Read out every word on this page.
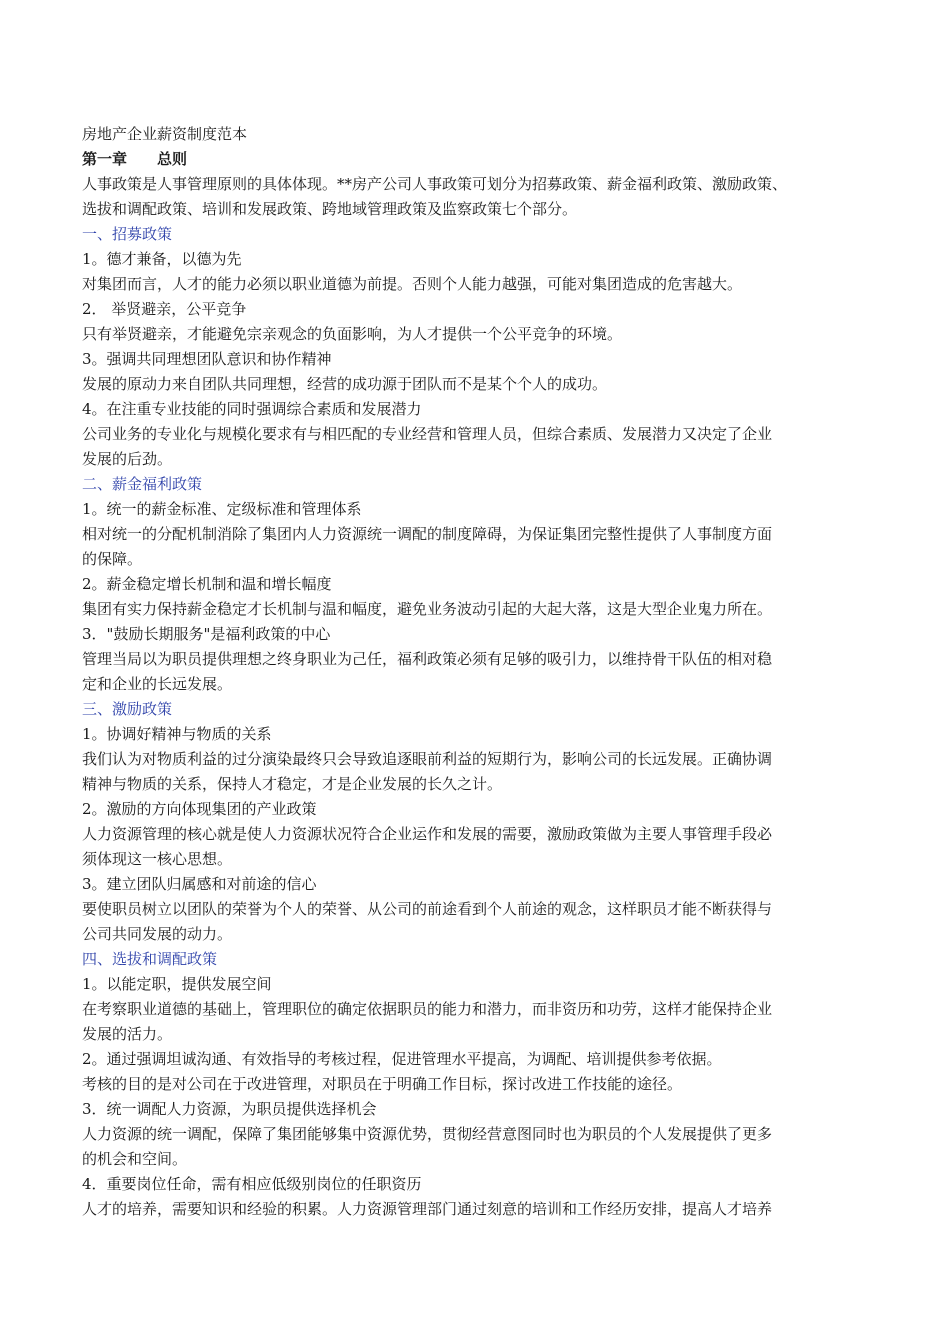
房地产企业薪资制度范本
第一章　　总则
人事政策是人事管理原则的具体体现。**房产公司人事政策可划分为招募政策、薪金福利政策、激励政策、
选拔和调配政策、培训和发展政策、跨地域管理政策及监察政策七个部分。
一、招募政策
1。德才兼备，以德为先
对集团而言，人才的能力必须以职业道德为前提。否则个人能力越强，可能对集团造成的危害越大。
2． 举贤避亲，公平竞争
只有举贤避亲，才能避免宗亲观念的负面影响，为人才提供一个公平竞争的环境。
3。强调共同理想团队意识和协作精神
发展的原动力来自团队共同理想，经营的成功源于团队而不是某个个人的成功。
4。在注重专业技能的同时强调综合素质和发展潜力
公司业务的专业化与规模化要求有与相匹配的专业经营和管理人员，但综合素质、发展潜力又决定了企业
发展的后劲。
二、薪金福利政策
1。统一的薪金标准、定级标准和管理体系
相对统一的分配机制消除了集团内人力资源统一调配的制度障碍，为保证集团完整性提供了人事制度方面
的保障。
2。薪金稳定增长机制和温和增长幅度
集团有实力保持薪金稳定才长机制与温和幅度，避免业务波动引起的大起大落，这是大型企业鬼力所在。
3．"鼓励长期服务"是福利政策的中心
管理当局以为职员提供理想之终身职业为己任，福利政策必须有足够的吸引力，以维持骨干队伍的相对稳
定和企业的长远发展。
三、激励政策
1。协调好精神与物质的关系
我们认为对物质利益的过分演染最终只会导致追逐眼前利益的短期行为，影响公司的长远发展。正确协调
精神与物质的关系，保持人才稳定，才是企业发展的长久之计。
2。激励的方向体现集团的产业政策
人力资源管理的核心就是使人力资源状况符合企业运作和发展的需要，激励政策做为主要人事管理手段必
须体现这一核心思想。
3。建立团队归属感和对前途的信心
要使职员树立以团队的荣誉为个人的荣誉、从公司的前途看到个人前途的观念，这样职员才能不断获得与
公司共同发展的动力。
四、选拔和调配政策
1。以能定职，提供发展空间
在考察职业道德的基础上，管理职位的确定依据职员的能力和潜力，而非资历和功劳，这样才能保持企业
发展的活力。
2。通过强调坦诚沟通、有效指导的考核过程，促进管理水平提高，为调配、培训提供参考依据。
考核的目的是对公司在于改进管理，对职员在于明确工作目标，探讨改进工作技能的途径。
3．统一调配人力资源，为职员提供选择机会
人力资源的统一调配，保障了集团能够集中资源优势，贯彻经营意图同时也为职员的个人发展提供了更多
的机会和空间。
4．重要岗位任命，需有相应低级别岗位的任职资历
人才的培养，需要知识和经验的积累。人力资源管理部门通过刻意的培训和工作经历安排，提高人才培养
